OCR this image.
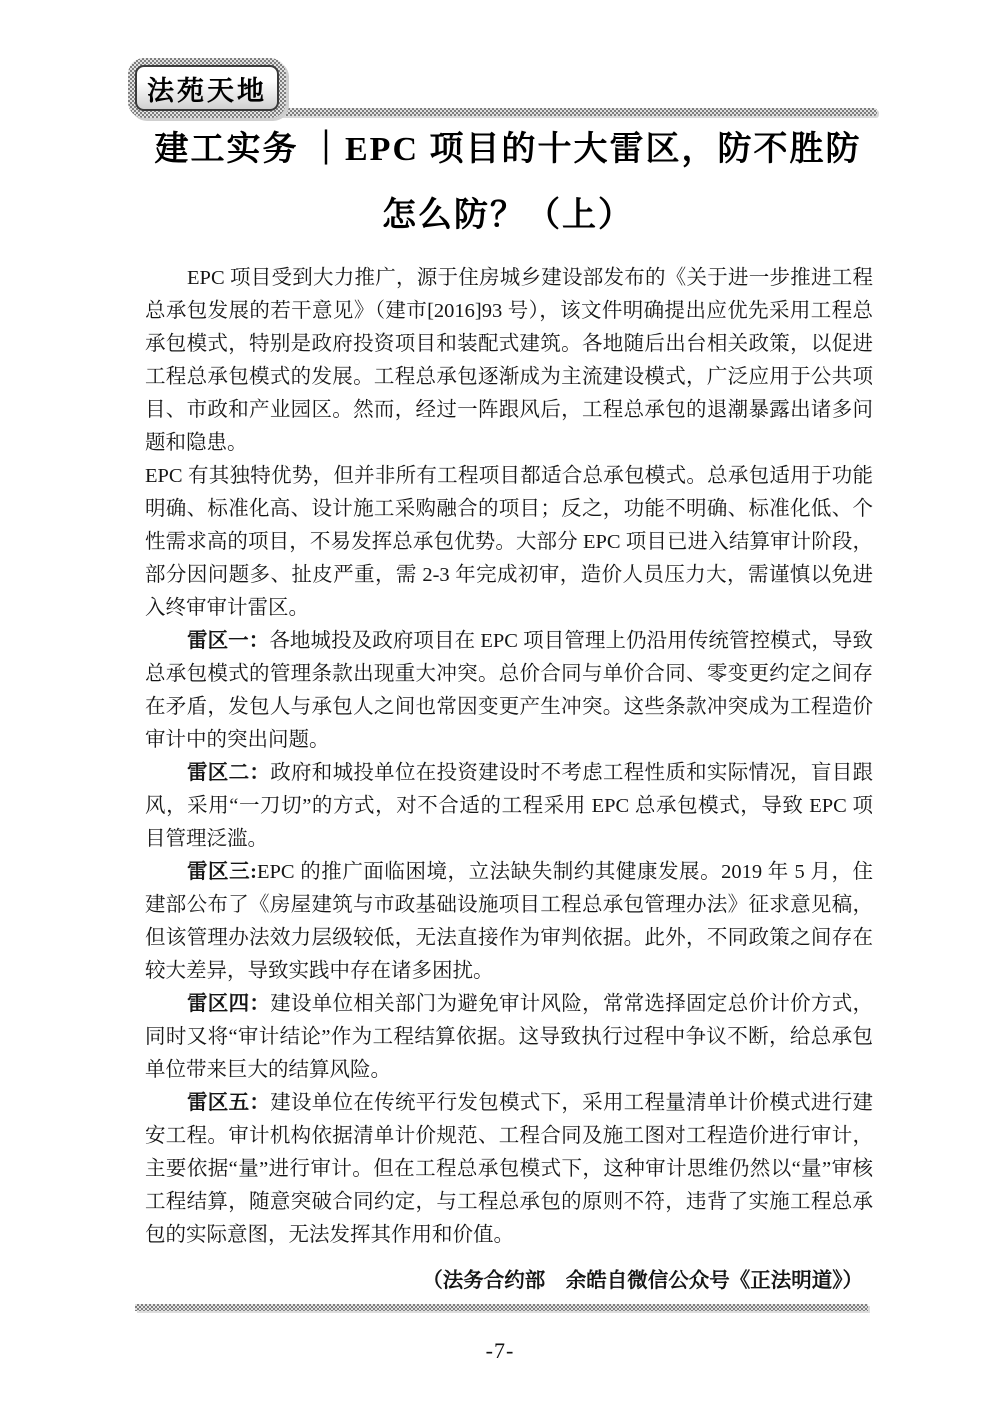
法苑天地
建工实务 ｜EPC 项目的十大雷区，防不胜防
怎么防？（上）

EPC 项目受到大力推广，源于住房城乡建设部发布的《关于进一步推进工程总承包发展的若干意见》（建市[2016]93 号），该文件明确提出应优先采用工程总承包模式，特别是政府投资项目和装配式建筑。各地随后出台相关政策，以促进工程总承包模式的发展。工程总承包逐渐成为主流建设模式，广泛应用于公共项目、市政和产业园区。然而，经过一阵跟风后，工程总承包的退潮暴露出诸多问题和隐患。

EPC 有其独特优势，但并非所有工程项目都适合总承包模式。总承包适用于功能明确、标准化高、设计施工采购融合的项目；反之，功能不明确、标准化低、个性需求高的项目，不易发挥总承包优势。大部分 EPC 项目已进入结算审计阶段，部分因问题多、扯皮严重，需 2-3 年完成初审，造价人员压力大，需谨慎以免进入终审审计雷区。

雷区一：各地城投及政府项目在 EPC 项目管理上仍沿用传统管控模式，导致总承包模式的管理条款出现重大冲突。总价合同与单价合同、零变更约定之间存在矛盾，发包人与承包人之间也常因变更产生冲突。这些条款冲突成为工程造价审计中的突出问题。

雷区二：政府和城投单位在投资建设时不考虑工程性质和实际情况，盲目跟风，采用“一刀切”的方式，对不合适的工程采用 EPC 总承包模式，导致 EPC 项目管理泛滥。

雷区三:EPC 的推广面临困境，立法缺失制约其健康发展。2019 年 5 月，住建部公布了《房屋建筑与市政基础设施项目工程总承包管理办法》征求意见稿，但该管理办法效力层级较低，无法直接作为审判依据。此外，不同政策之间存在较大差异，导致实践中存在诸多困扰。

雷区四：建设单位相关部门为避免审计风险，常常选择固定总价计价方式，同时又将“审计结论”作为工程结算依据。这导致执行过程中争议不断，给总承包单位带来巨大的结算风险。

雷区五：建设单位在传统平行发包模式下，采用工程量清单计价模式进行建安工程。审计机构依据清单计价规范、工程合同及施工图对工程造价进行审计，主要依据“量”进行审计。但在工程总承包模式下，这种审计思维仍然以“量”审核工程结算，随意突破合同约定，与工程总承包的原则不符，违背了实施工程总承包的实际意图，无法发挥其作用和价值。

（法务合约部　余皓自微信公众号《正法明道》）
-7-
